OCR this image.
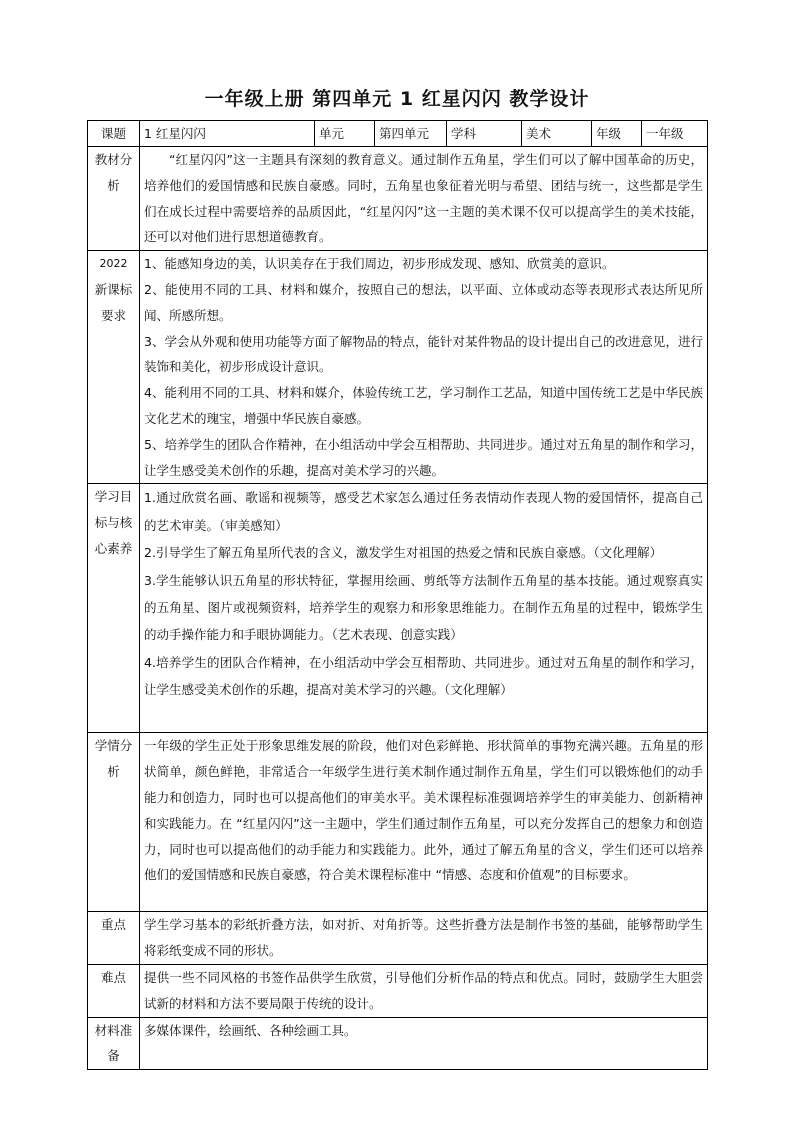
一年级上册 第四单元 1 红星闪闪 教学设计
课题	1 红星闪闪	单元	第四单元	学科	美术	年级	一年级
教材分析	“红星闪闪”这一主题具有深刻的教育意义。通过制作五角星，学生们可以了解中国革命的历史，培养他们的爱国情感和民族自豪感。同时，五角星也象征着光明与希望、团结与统一，这些都是学生们在成长过程中需要培养的品质因此，“红星闪闪”这一主题的美术课不仅可以提高学生的美术技能，还可以对他们进行思想道德教育。						

2022
新课标要求	1、能感知身边的美，认识美存在于我们周边，初步形成发现、感知、欣赏美的意识。
2、能使用不同的工具、材料和媒介，按照自己的想法，以平面、立体或动态等表现形式表达所见所闻、所感所想。
3、学会从外观和使用功能等方面了解物品的特点，能针对某件物品的设计提出自己的改进意见，进行装饰和美化，初步形成设计意识。
4、能利用不同的工具、材料和媒介，体验传统工艺，学习制作工艺品，知道中国传统工艺是中华民族文化艺术的瑰宝，增强中华民族自豪感。
5、培养学生的团队合作精神，在小组活动中学会互相帮助、共同进步。通过对五角星的制作和学习，让学生感受美术创作的乐趣，提高对美术学习的兴趣。						

学习目标与核心素养	1.通过欣赏名画、歌谣和视频等，感受艺术家怎么通过任务表情动作表现人物的爱国情怀，提高自己的艺术审美。（审美感知）
2.引导学生了解五角星所代表的含义，激发学生对祖国的热爱之情和民族自豪感。（文化理解）
3.学生能够认识五角星的形状特征，掌握用绘画、剪纸等方法制作五角星的基本技能。通过观察真实的五角星、图片或视频资料，培养学生的观察力和形象思维能力。在制作五角星的过程中，锻炼学生的动手操作能力和手眼协调能力。（艺术表现、创意实践）
4.培养学生的团队合作精神，在小组活动中学会互相帮助、共同进步。通过对五角星的制作和学习，让学生感受美术创作的乐趣，提高对美术学习的兴趣。（文化理解）						

学情分析	一年级的学生正处于形象思维发展的阶段，他们对色彩鲜艳、形状简单的事物充满兴趣。五角星的形状简单，颜色鲜艳，非常适合一年级学生进行美术制作通过制作五角星，学生们可以锻炼他们的动手能力和创造力，同时也可以提高他们的审美水平。美术课程标准强调培养学生的审美能力、创新精神和实践能力。在 “红星闪闪”这一主题中，学生们通过制作五角星，可以充分发挥自己的想象力和创造力，同时也可以提高他们的动手能力和实践能力。此外，通过了解五角星的含义，学生们还可以培养他们的爱国情感和民族自豪感，符合美术课程标准中 “情感、态度和价值观”的目标要求。						
重点	学生学习基本的彩纸折叠方法，如对折、对角折等。这些折叠方法是制作书签的基础，能够帮助学生将彩纸变成不同的形状。						
难点	提供一些不同风格的书签作品供学生欣赏，引导他们分析作品的特点和优点。同时，鼓励学生大胆尝试新的材料和方法不要局限于传统的设计。						
材料准备	多媒体课件，绘画纸、各种绘画工具。						
